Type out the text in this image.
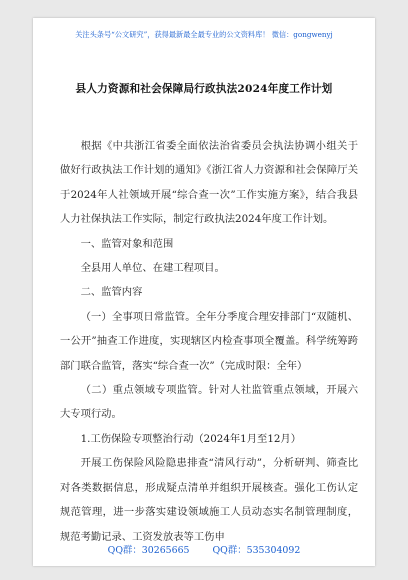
关注头条号“公文研究”，获得最新最全最专业的公文资料库！ 微信：gongwenyj
县人力资源和社会保障局行政执法2024年度工作计划

根据《中共浙江省委全面依法治省委员会执法协调小组关于做好行政执法工作计划的通知》《浙江省人力资源和社会保障厅关于2024年人社领域开展“综合查一次”工作实施方案》，结合我县人力社保执法工作实际，制定行政执法2024年度工作计划。

一、监管对象和范围

全县用人单位、在建工程项目。

二、监管内容

（一）全事项日常监管。全年分季度合理安排部门“双随机、一公开”抽查工作进度，实现辖区内检查事项全覆盖。科学统筹跨部门联合监管，落实“综合查一次”（完成时限：全年）

（二）重点领域专项监管。针对人社监管重点领域，开展六大专项行动。

1.工伤保险专项整治行动（2024年1月至12月）

开展工伤保险风险隐患排查“清风行动”，分析研判、筛查比对各类数据信息，形成疑点清单并组织开展核查。强化工伤认定规范管理，进一步落实建设领域施工人员动态实名制管理制度，规范考勤记录、工资发放表等工伤申

QQ群：30265665 QQ群：535304092
